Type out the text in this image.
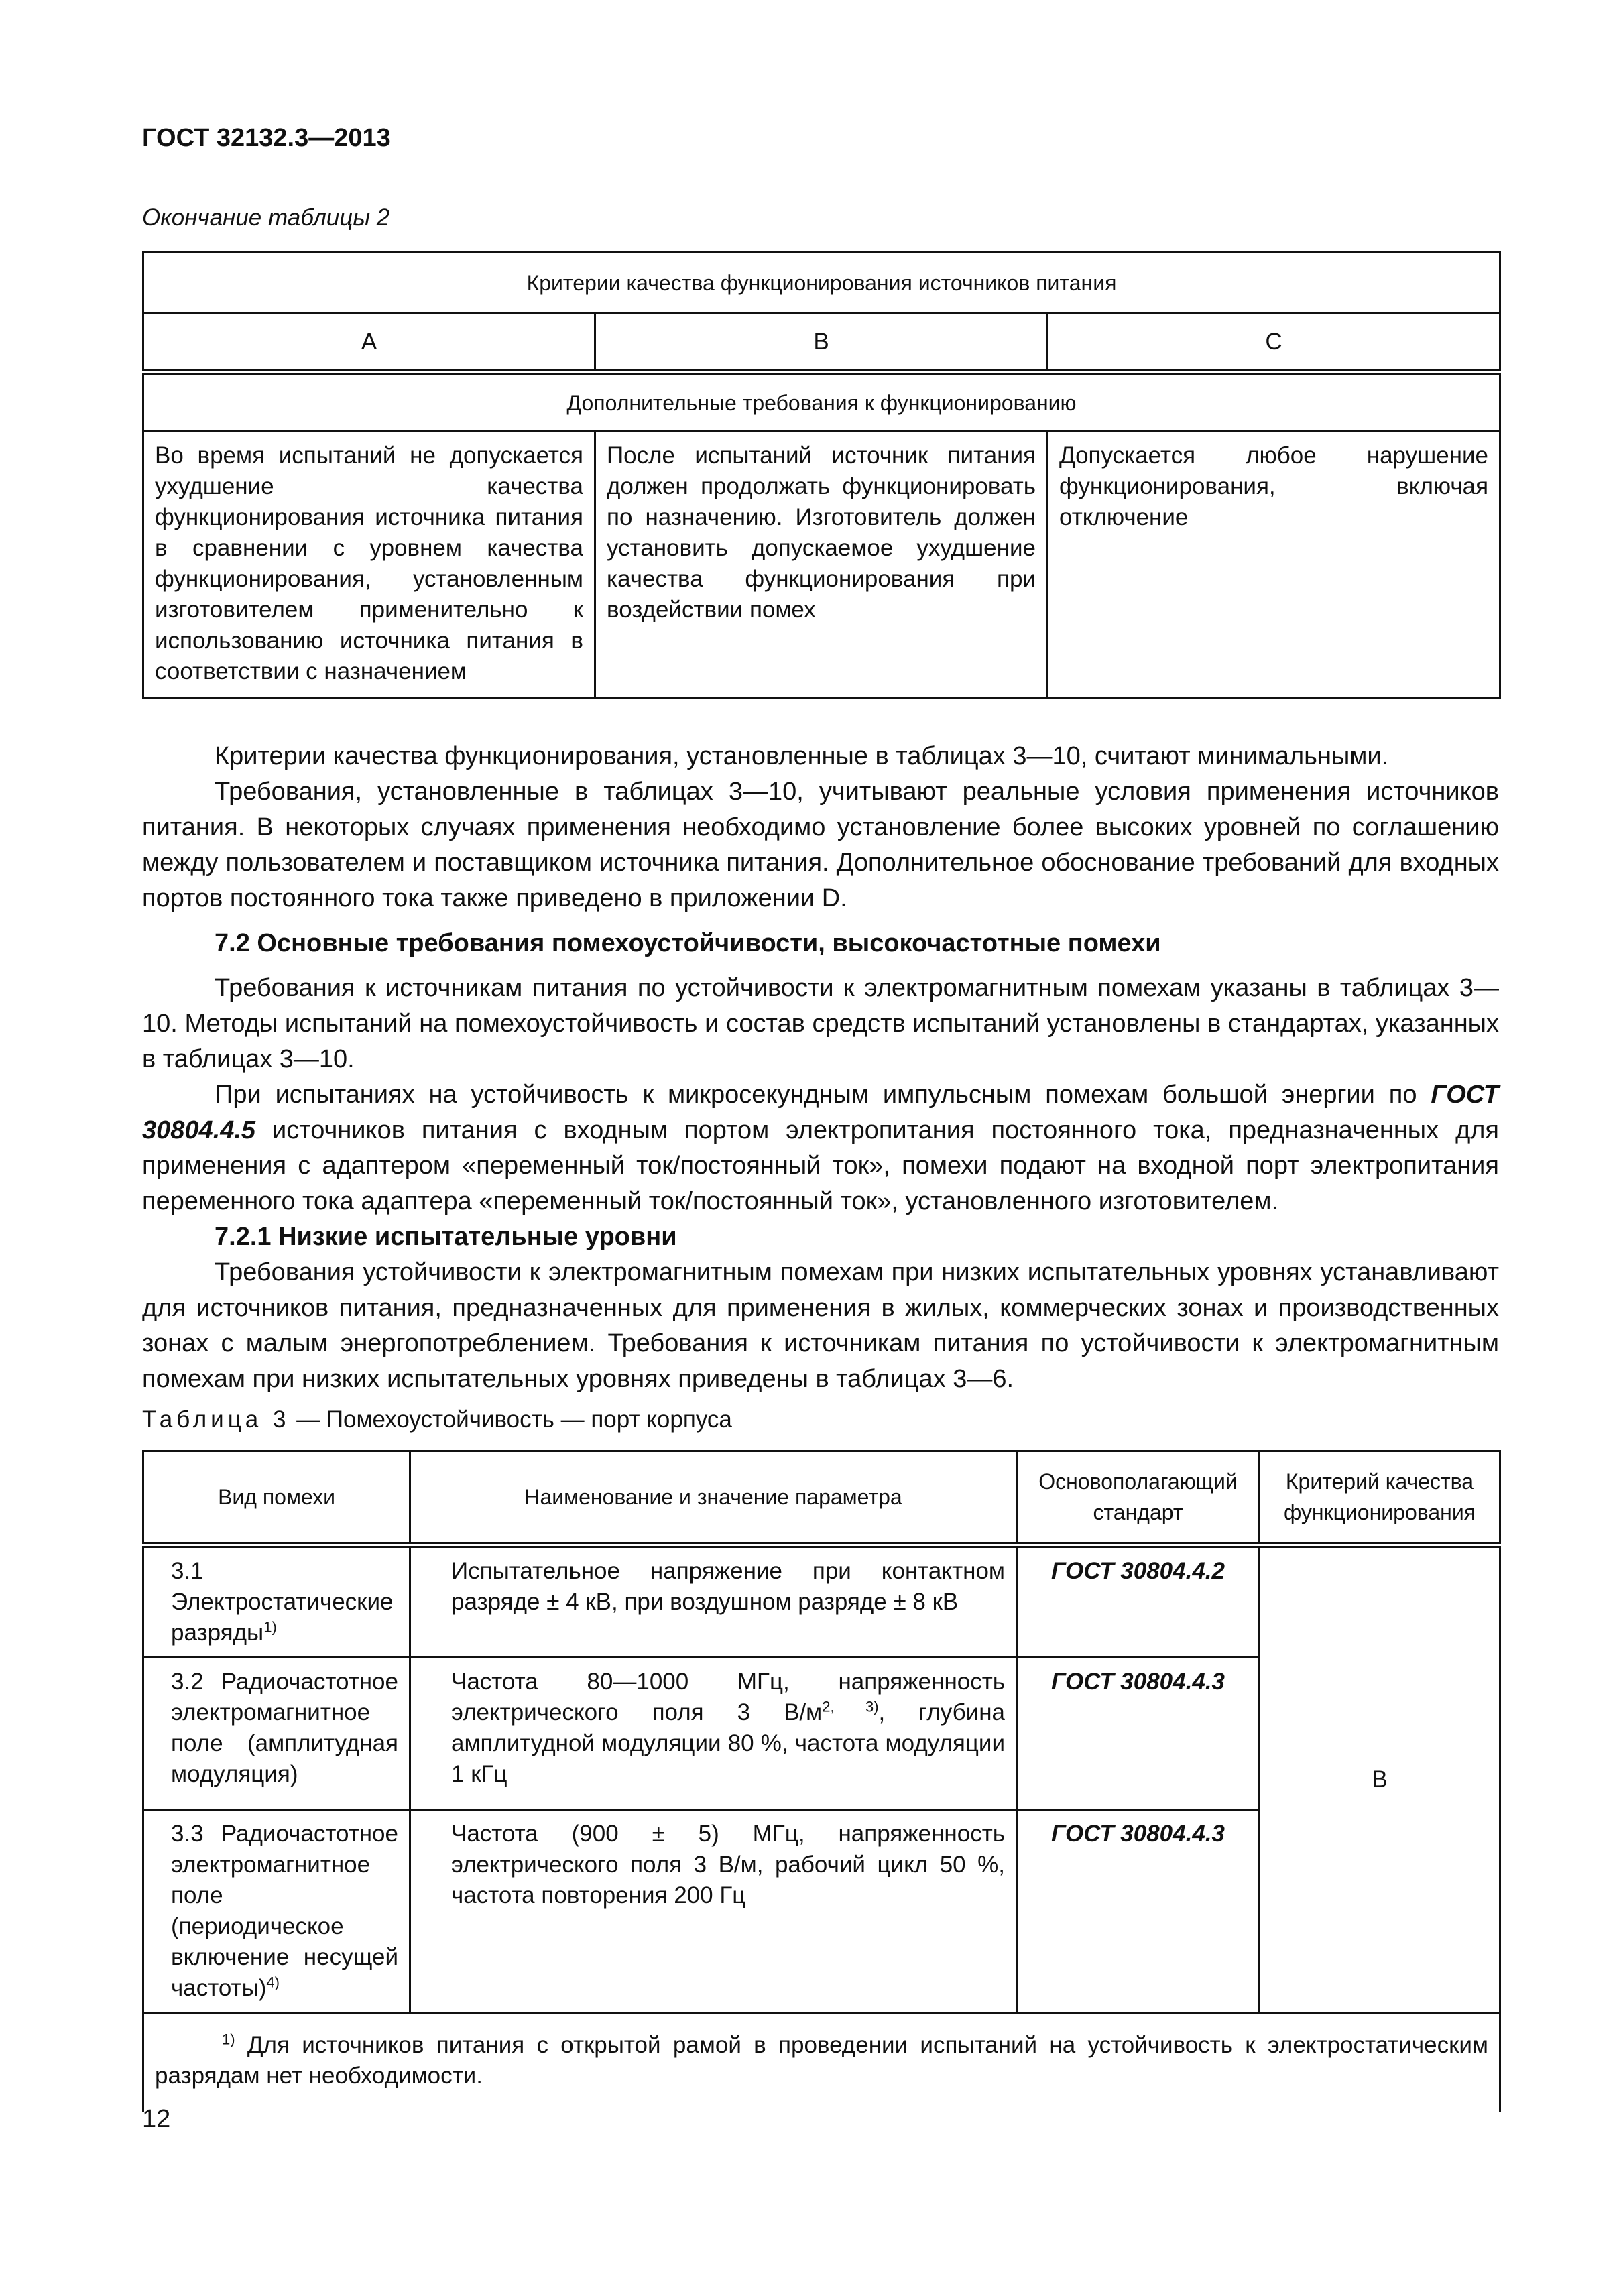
ГОСТ 32132.3—2013
Окончание таблицы 2
Критерии качества функционирования источников питания		
A	B	C
Дополнительные требования к функционированию		
Во время испытаний не допускается ухудшение качества функционирования источника питания в сравнении с уровнем качества функционирования, установленным изготовителем применительно к использованию источника питания в соответствии с назначением	После испытаний источник питания должен продолжать функционировать по назначению. Изготовитель должен установить допускаемое ухудшение качества функционирования при воздействии помех	Допускается любое нарушение функционирования, включая отключение

Критерии качества функционирования, установленные в таблицах 3—10, считают минимальными.

Требования, установленные в таблицах 3—10, учитывают реальные условия применения источников питания. В некоторых случаях применения необходимо установление более высоких уровней по соглашению между пользователем и поставщиком источника питания. Дополнительное обоснование требований для входных портов постоянного тока также приведено в приложении D.

7.2 Основные требования помехоустойчивости, высокочастотные помехи

Требования к источникам питания по устойчивости к электромагнитным помехам указаны в таблицах 3—10. Методы испытаний на помехоустойчивость и состав средств испытаний установлены в стандартах, указанных в таблицах 3—10.

При испытаниях на устойчивость к микросекундным импульсным помехам большой энергии по ГОСТ 30804.4.5 источников питания с входным портом электропитания постоянного тока, предназначенных для применения с адаптером «переменный ток/постоянный ток», помехи подают на входной порт электропитания переменного тока адаптера «переменный ток/постоянный ток», установленного изготовителем.

7.2.1 Низкие испытательные уровни

Требования устойчивости к электромагнитным помехам при низких испытательных уровнях устанавливают для источников питания, предназначенных для применения в жилых, коммерческих зонах и производственных зонах с малым энергопотреблением. Требования к источникам питания по устойчивости к электромагнитным помехам при низких испытательных уровнях приведены в таблицах 3—6.

Таблица 3 — Помехоустойчивость — порт корпуса
Вид помехи	Наименование и значение параметра	Основополагающий стандарт	Критерий качества функционирования
3.1 Электростатические разряды$^{1)}$	Испытательное напряжение при контактном разряде ± 4 кВ, при воздушном разряде ± 8 кВ	ГОСТ 30804.4.2	B
3.2 Радиочастотное электромагнитное поле (амплитудная модуляция)	Частота 80—1000 МГц, напряженность электрического поля 3 $В/м^{2, 3)}$, глубина амплитудной модуляции 80 %, частота модуляции 1 кГц	ГОСТ 30804.4.3	
3.3 Радиочастотное электромагнитное поле (периодическое включение несущей частоты)$^{4)}$	Частота (900 ± 5) МГц, напряженность электрического поля 3 В/м, рабочий цикл 50 %, частота повторения 200 Гц	ГОСТ 30804.4.3	
$^{1)}$ Для источников питания с открытой рамой в проведении испытаний на устойчивость к электростатическим разрядам нет необходимости.			
12
